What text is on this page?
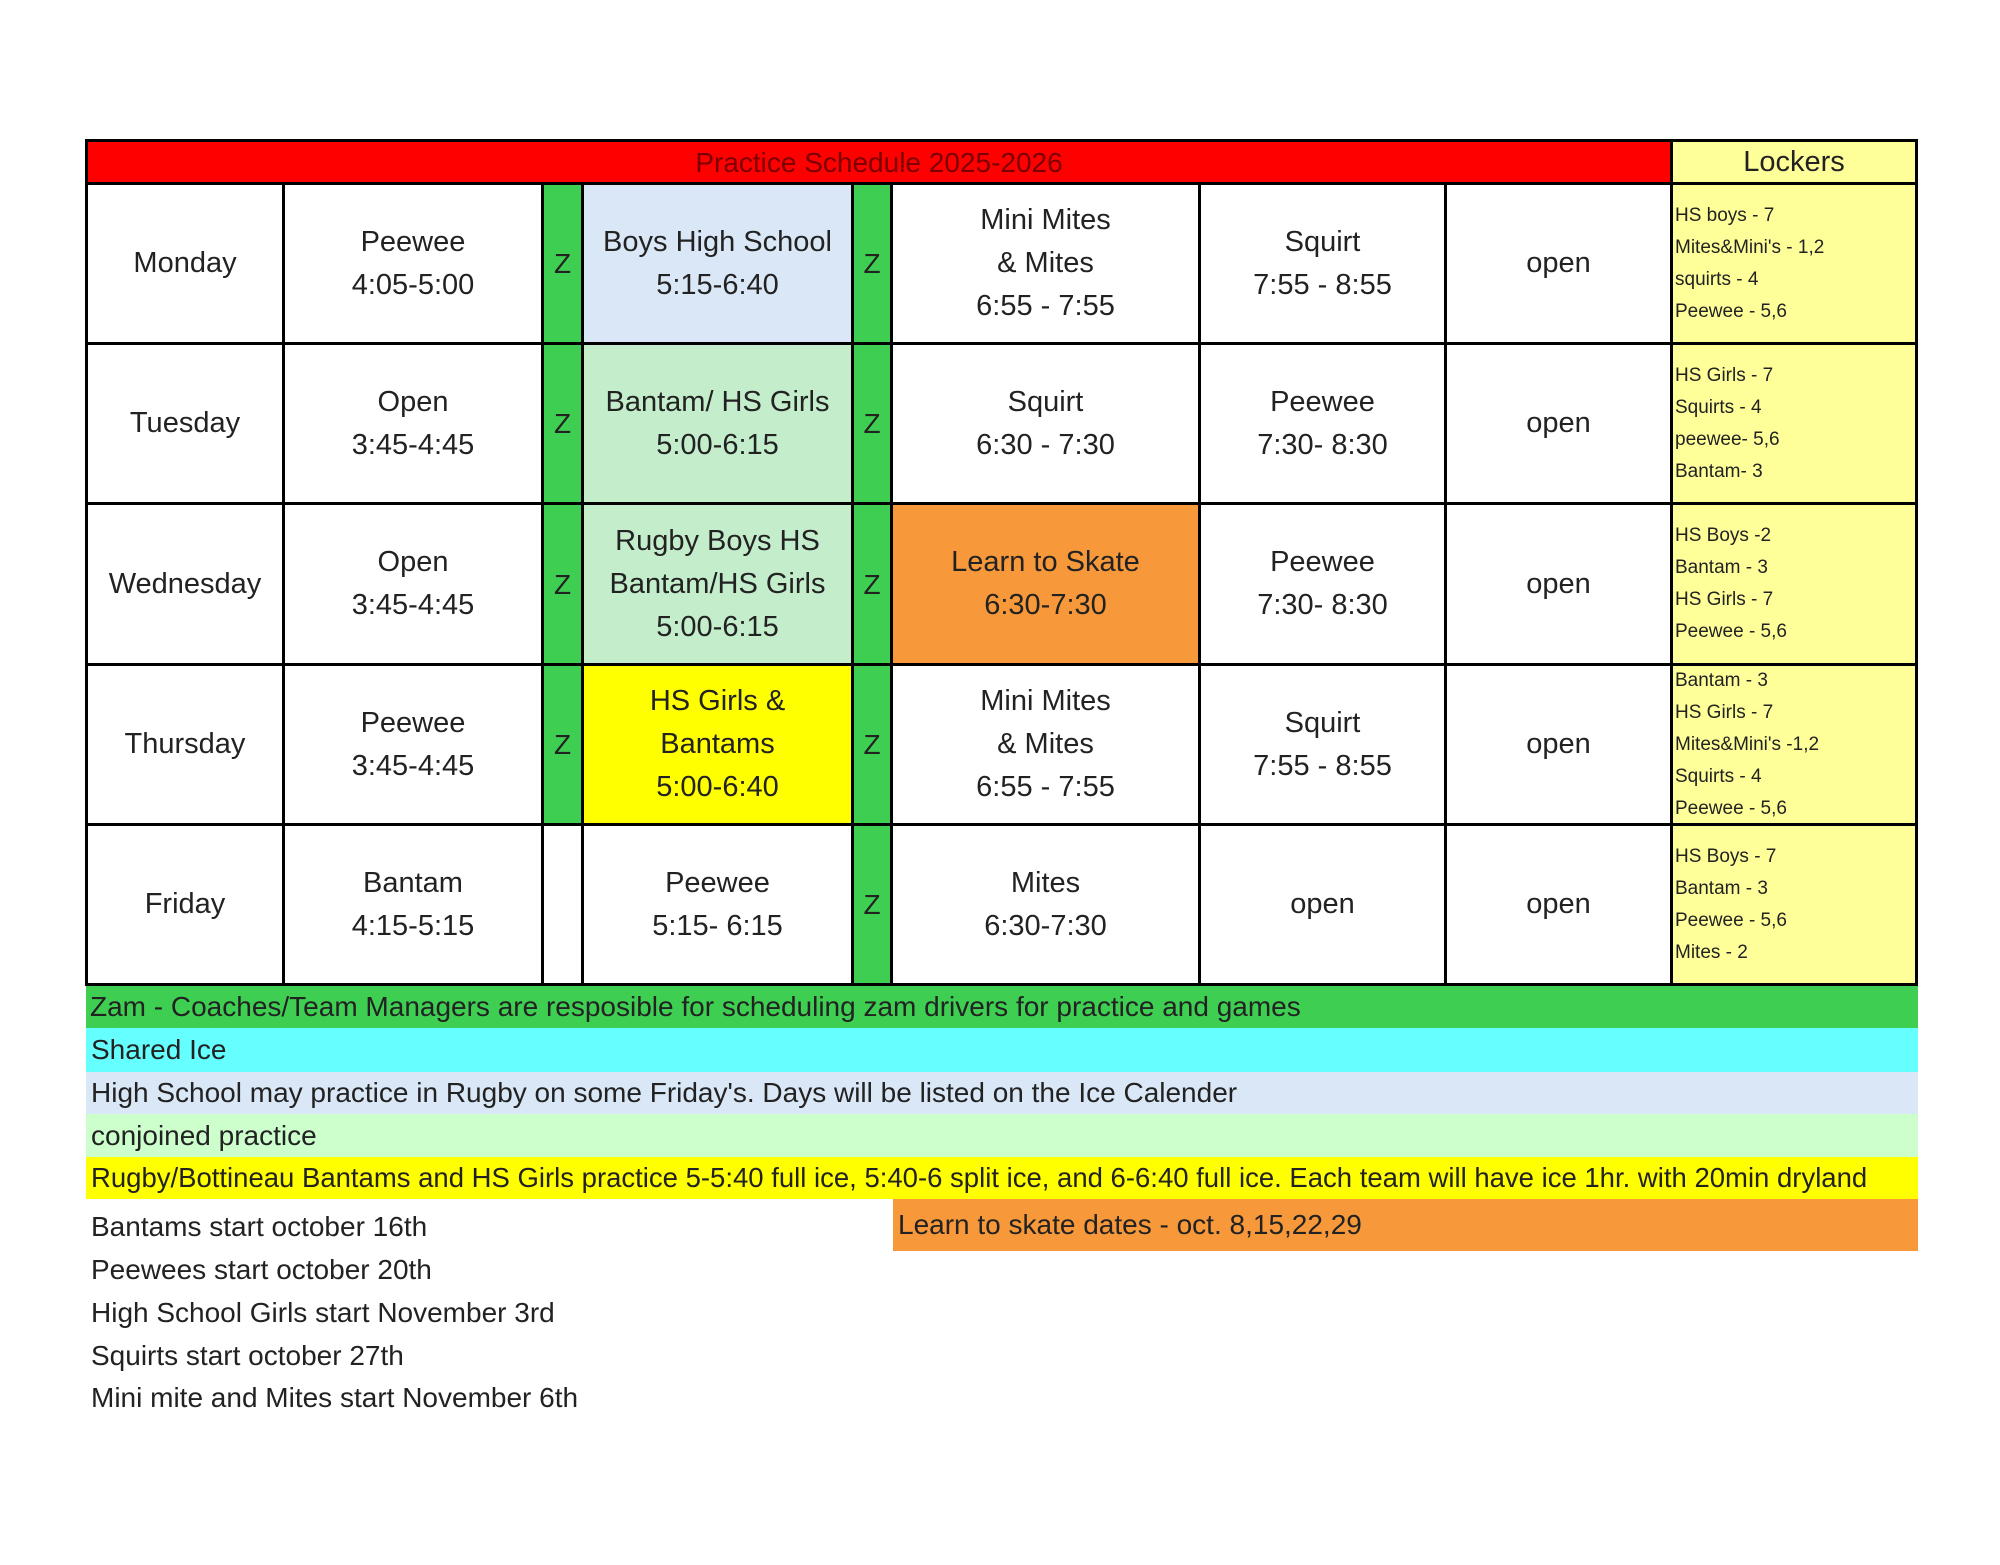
Practice Schedule 2025-2026	Lockers
Monday
Peewee
4:05-5:00
Z
Boys High School
5:15-6:40
Z
Mini Mites
& Mites
6:55 - 7:55
Squirt
7:55 - 8:55
open
HS boys - 7
Mites&Mini's - 1,2
squirts - 4
Peewee - 5,6
Tuesday
Open
3:45-4:45
Z
Bantam/ HS Girls
5:00-6:15
Z
Squirt
6:30 - 7:30
Peewee
7:30- 8:30
open
HS Girls - 7
Squirts - 4
peewee- 5,6
Bantam- 3
Wednesday
Open
3:45-4:45
Z
Rugby Boys HS
Bantam/HS Girls
5:00-6:15
Z
Learn to Skate
6:30-7:30
Peewee
7:30- 8:30
open
HS Boys -2
Bantam - 3
HS Girls - 7
Peewee - 5,6
Thursday
Peewee
3:45-4:45
Z
HS Girls &
Bantams
5:00-6:40
Z
Mini Mites
& Mites
6:55 - 7:55
Squirt
7:55 - 8:55
open
Bantam - 3
HS Girls - 7
Mites&Mini's -1,2
Squirts - 4
Peewee - 5,6
Friday
Bantam
4:15-5:15
Peewee
5:15- 6:15
Z
Mites
6:30-7:30
open	open
HS Boys - 7
Bantam - 3
Peewee - 5,6
Mites - 2
Zam - Coaches/Team Managers are resposible for scheduling zam drivers for practice and games
Shared Ice
High School may practice in Rugby on some Friday's. Days will be listed on the Ice Calender
conjoined practice
Rugby/Bottineau Bantams and HS Girls practice 5-5:40 full ice, 5:40-6 split ice, and 6-6:40 full ice. Each team will have ice 1hr. with 20min dryland
Learn to skate dates - oct. 8,15,22,29
Bantams start october 16th
Peewees start october 20th
High School Girls start November 3rd
Squirts start october 27th
Mini mite and Mites start November 6th
